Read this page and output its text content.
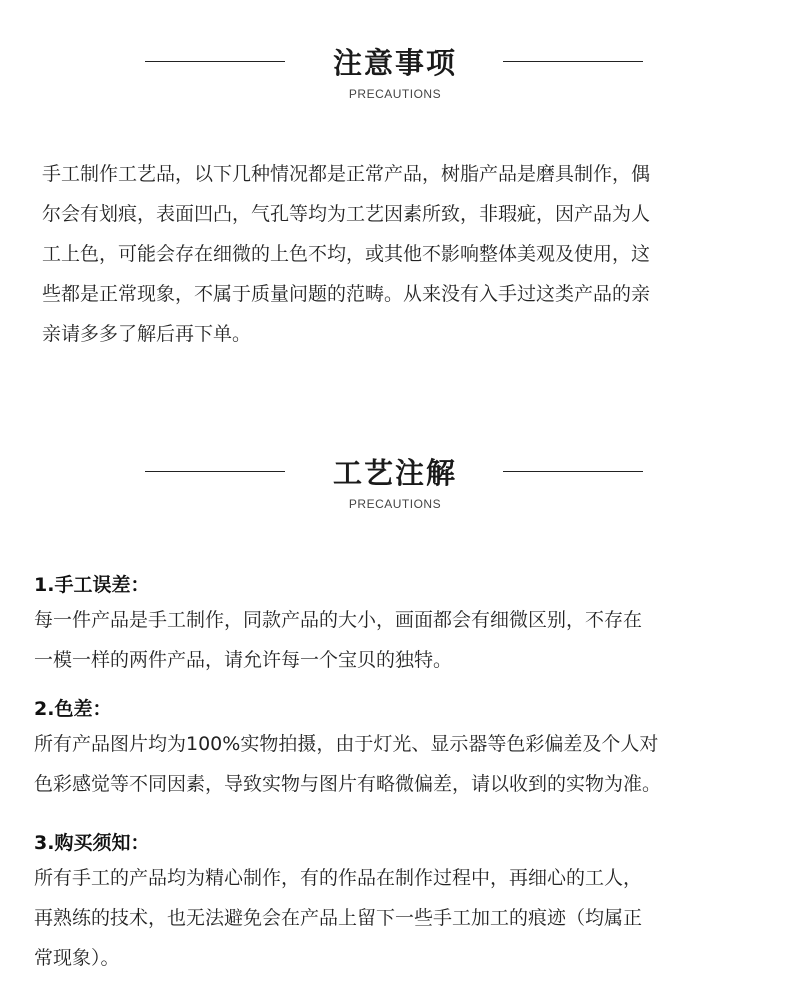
注意事项
PRECAUTIONS
手工制作工艺品，以下几种情况都是正常产品，树脂产品是磨具制作，偶
尔会有划痕，表面凹凸，气孔等均为工艺因素所致，非瑕疵，因产品为人
工上色，可能会存在细微的上色不均，或其他不影响整体美观及使用，这
些都是正常现象，不属于质量问题的范畴。从来没有入手过这类产品的亲
亲请多多了解后再下单。
工艺注解
PRECAUTIONS
1.手工误差：
每一件产品是手工制作，同款产品的大小，画面都会有细微区别，不存在
一模一样的两件产品，请允许每一个宝贝的独特。
2.色差：
所有产品图片均为100%实物拍摄，由于灯光、显示器等色彩偏差及个人对
色彩感觉等不同因素，导致实物与图片有略微偏差，请以收到的实物为准。
3.购买须知：
所有手工的产品均为精心制作，有的作品在制作过程中，再细心的工人，
再熟练的技术，也无法避免会在产品上留下一些手工加工的痕迹（均属正
常现象）。
